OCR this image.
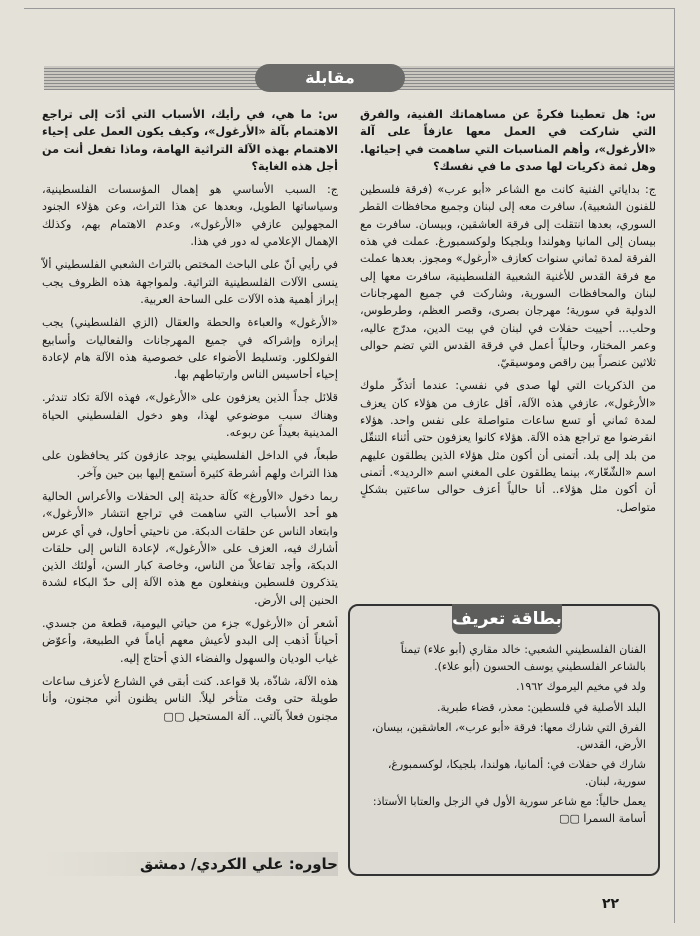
مقابلة

س: هل تعطينا فكرةً عن مساهماتك الفنية، والفرق التي شاركت في العمل معها عازفاً على آلة «الأرغول»، وأهم المناسبات التي ساهمت في إحيائها. وهل ثمة ذكريات لها صدى ما في نفسك؟

ج: بداياتي الفنية كانت مع الشاعر «أبو عرب» (فرقة فلسطين للفنون الشعبية)، سافرت معه إلى لبنان وجميع محافظات القطر السوري، بعدها انتقلت إلى فرقة العاشقين، وبيسان. سافرت مع بيسان إلى المانيا وهولندا وبلجيكا ولوكسمبورغ. عملت في هذه الفرقة لمدة ثماني سنوات كعازف «أرغول» ومجوز. بعدها عملت مع فرقة القدس للأغنية الشعبية الفلسطينية، سافرت معها إلى لبنان والمحافظات السورية، وشاركت في جميع المهرجانات الدولية في سورية؛ مهرجان بصرى، وقصر العظم، وطرطوس، وحلب... أحييت حفلات في لبنان في بيت الدين، مدرّج عاليه، وعمر المختار، وحالياً أعمل في فرقة القدس التي تضم حوالى ثلاثين عنصراً بين راقص وموسيقيّ.

من الذكريات التي لها صدى في نفسي: عندما أتذكّر ملوك «الأرغول»، عازفي هذه الآلة، أقل عازف من هؤلاء كان يعزف لمدة ثماني أو تسع ساعات متواصلة على نفس واحد. هؤلاء انقرضوا مع تراجع هذه الآلة. هؤلاء كانوا يعزفون حتى أثناء التنقّل من بلد إلى بلد. أتمنى أن أكون مثل هؤلاء الذين يطلقون عليهم اسم «الشّعّار»، بينما يطلقون على المغني اسم «الرديد». أتمنى أن أكون مثل هؤلاء.. أنا حالياً أعزف حوالى ساعتين بشكلٍ متواصل.

بطاقة تعريف

الفنان الفلسطيني الشعبي: خالد مقاري (أبو علاء) تيمناً بالشاعر الفلسطيني يوسف الحسون (أبو علاء).

ولد في مخيم اليرموك ١٩٦٢.

البلد الأصلية في فلسطين: معذر، قضاء طبرية.

الفرق التي شارك معها: فرقة «أبو عرب»، العاشقين، بيسان، الأرض، القدس.

شارك في حفلات في: ألمانيا، هولندا، بلجيكا، لوكسمبورغ، سورية، لبنان.

يعمل حالياً: مع شاعر سورية الأول في الزجل والعتابا الأستاذ: أسامة السمرا ▢▢

س: ما هي، في رأيك، الأسباب التي أدّت إلى تراجع الاهتمام بآلة «الأرغول»، وكيف يكون العمل على إحياء الاهتمام بهذه الآلة التراثية الهامة، وماذا تفعل أنت من أجل هذه الغاية؟

ج: السبب الأساسي هو إهمال المؤسسات الفلسطينية، وسياساتها الطويل، وبعدها عن هذا التراث، وعن هؤلاء الجنود المجهولين عازفي «الأرغول»، وعدم الاهتمام بهم، وكذلك الإهمال الإعلامي له دور في هذا.

في رأيي أنّ على الباحث المختص بالتراث الشعبي الفلسطيني ألاّ ينسى الآلات الفلسطينية التراثية. ولمواجهة هذه الظروف يجب إبراز أهمية هذه الآلات على الساحة العربية.

«الأرغول» والعباءة والحطة والعقال (الزي الفلسطيني) يجب إبرازه وإشراكه في جميع المهرجانات والفعاليات وأسابيع الفولكلور. وتسليط الأضواء على خصوصية هذه الآلة هام لإعادة إحياء أحاسيس الناس وارتباطهم بها.

قلائل جداً الذين يعزفون على «الأرغول»، فهذه الآلة تكاد تندثر. وهناك سبب موضوعي لهذا، وهو دخول الفلسطيني الحياة المدينية بعيداً عن ربوعه.

طبعاً، في الداخل الفلسطيني يوجد عازفون كثر يحافظون على هذا التراث ولهم أشرطة كثيرة أستمع إليها بين حين وآخر.

ربما دخول «الأورغ» كآلة حديثة إلى الحفلات والأعراس الحالية هو أحد الأسباب التي ساهمت في تراجع انتشار «الأرغول»، وابتعاد الناس عن حلقات الدبكة. من ناحيتي أحاول، في أي عرس أشارك فيه، العزف على «الأرغول»، لإعادة الناس إلى حلقات الدبكة، وأجد تفاعلاً من الناس، وخاصة كبار السن، أولئك الذين يتذكرون فلسطين وينفعلون مع هذه الآلة إلى حدّ البكاء لشدة الحنين إلى الأرض.

أشعر أن «الأرغول» جزء من حياتي اليومية، قطعة من جسدي. أحياناً أذهب إلى البدو لأعيش معهم أياماً في الطبيعة، وأعوّض غياب الوديان والسهول والفضاء الذي أحتاج إليه.

هذه الآلة، شاذّة، بلا قواعد. كنت أبقى في الشارع لأعزف ساعات طويلة حتى وقت متأخر ليلاً. الناس يظنون أني مجنون، وأنا مجنون فعلاً بآلتي.. آلة المستحيل ▢▢

حاوره: علي الكردي/ دمشق
٢٢
